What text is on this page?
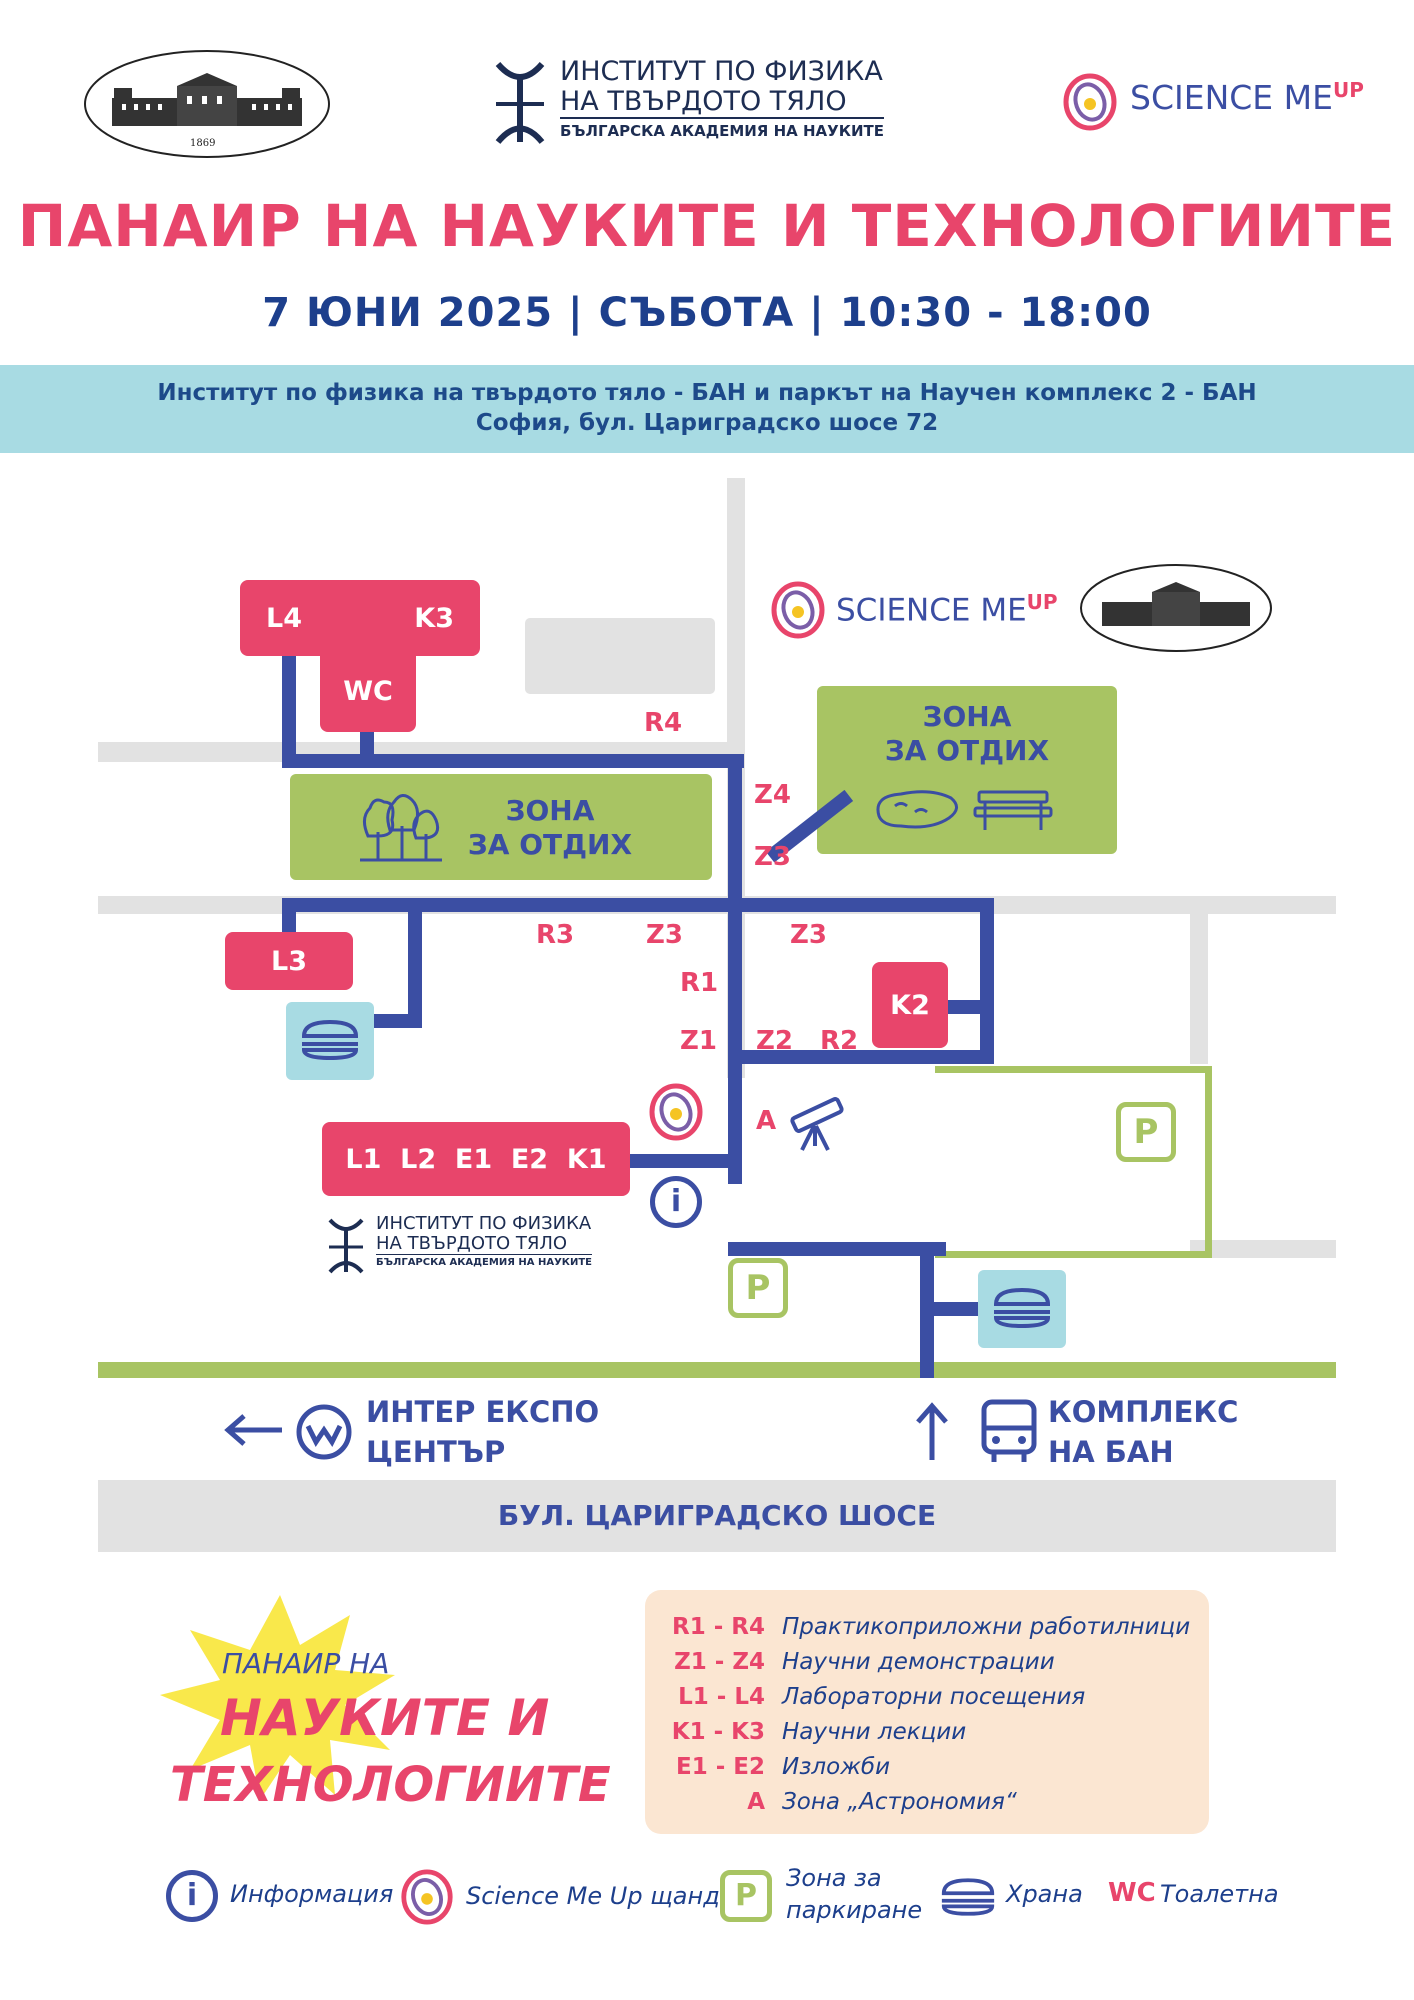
1869
ИНСТИТУТ ПО ФИЗИКА
НА ТВЪРДОТО ТЯЛО
БЪЛГАРСКА АКАДЕМИЯ НА НАУКИТЕ
SCIENCE $ME^{UP}$
ПАНАИР НА НАУКИТЕ И ТЕХНОЛОГИИТЕ
7 ЮНИ 2025 | СЪБОТА | 10:30 - 18:00
Институт по физика на твърдото тяло - БАН и паркът на Научен комплекс 2 - БАН
София, бул. Цариградско шосе 72
ЗОНА
ЗА ОТДИХ
ЗОНА
ЗА ОТДИХ
L4	K3
WC
L3
K2
L1 L2 E1 E2 K1
R4
Z4
Z3
R3	Z3	Z3
R1
Z1 Z2 R2
A
SCIENCE $ME^{UP}$
i
P
P
ИНСТИТУТ ПО ФИЗИКА
НА ТВЪРДОТО ТЯЛО
БЪЛГАРСКА АКАДЕМИЯ НА НАУКИТЕ
ИНТЕР ЕКСПО
ЦЕНТЪР
КОМПЛЕКС
НА БАН
БУЛ. ЦАРИГРАДСКО ШОСЕ
ПАНАИР НА
НАУКИТЕ И
ТЕХНОЛОГИИТЕ
R1 - R4 Практикоприложни работилници
Z1 - Z4 Научни демонстрации
L1 - L4 Лабораторни посещения
K1 - K3 Научни лекции
E1 - E2 Изложби
A Зона „Астрономия“
i	Информация	Science Me Up щанд P	Зона за
паркиране
Храна WC Тоалетна
